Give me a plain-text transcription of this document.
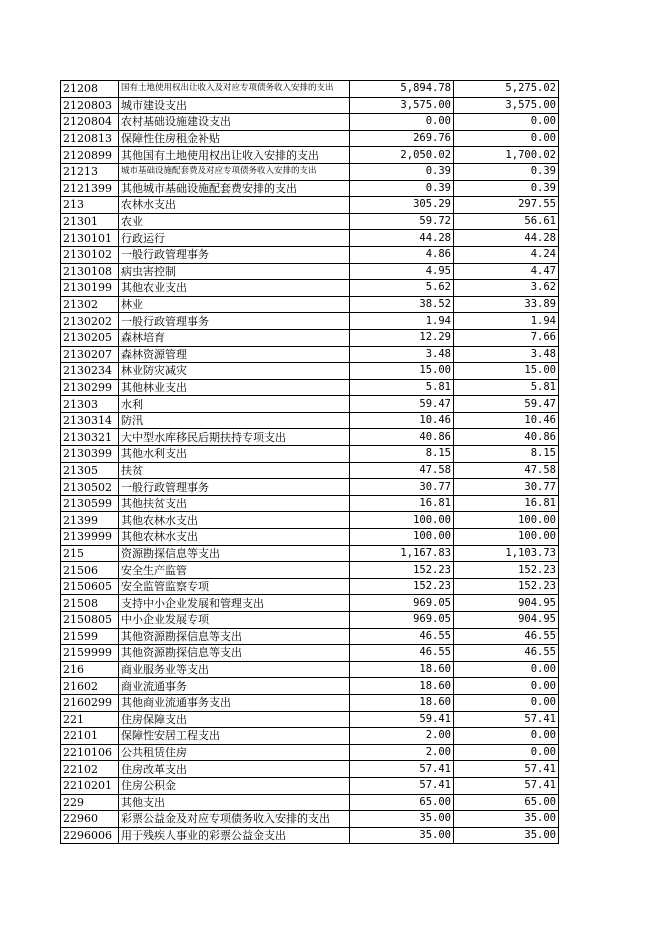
21208	国有土地使用权出让收入及对应专项债务收入安排的支出	5,894.78	5,275.02
2120803	城市建设支出	3,575.00	3,575.00
2120804	农村基础设施建设支出	0.00	0.00
2120813	保障性住房租金补贴	269.76	0.00
2120899	其他国有土地使用权出让收入安排的支出	2,050.02	1,700.02
21213	城市基础设施配套费及对应专项债务收入安排的支出	0.39	0.39
2121399	其他城市基础设施配套费安排的支出	0.39	0.39
213	农林水支出	305.29	297.55
21301	农业	59.72	56.61
2130101	行政运行	44.28	44.28
2130102	一般行政管理事务	4.86	4.24
2130108	病虫害控制	4.95	4.47
2130199	其他农业支出	5.62	3.62
21302	林业	38.52	33.89
2130202	一般行政管理事务	1.94	1.94
2130205	森林培育	12.29	7.66
2130207	森林资源管理	3.48	3.48
2130234	林业防灾减灾	15.00	15.00
2130299	其他林业支出	5.81	5.81
21303	水利	59.47	59.47
2130314	防汛	10.46	10.46
2130321	大中型水库移民后期扶持专项支出	40.86	40.86
2130399	其他水利支出	8.15	8.15
21305	扶贫	47.58	47.58
2130502	一般行政管理事务	30.77	30.77
2130599	其他扶贫支出	16.81	16.81
21399	其他农林水支出	100.00	100.00
2139999	其他农林水支出	100.00	100.00
215	资源勘探信息等支出	1,167.83	1,103.73
21506	安全生产监管	152.23	152.23
2150605	安全监管监察专项	152.23	152.23
21508	支持中小企业发展和管理支出	969.05	904.95
2150805	中小企业发展专项	969.05	904.95
21599	其他资源勘探信息等支出	46.55	46.55
2159999	其他资源勘探信息等支出	46.55	46.55
216	商业服务业等支出	18.60	0.00
21602	商业流通事务	18.60	0.00
2160299	其他商业流通事务支出	18.60	0.00
221	住房保障支出	59.41	57.41
22101	保障性安居工程支出	2.00	0.00
2210106	公共租赁住房	2.00	0.00
22102	住房改革支出	57.41	57.41
2210201	住房公积金	57.41	57.41
229	其他支出	65.00	65.00
22960	彩票公益金及对应专项债务收入安排的支出	35.00	35.00
2296006	用于残疾人事业的彩票公益金支出	35.00	35.00
